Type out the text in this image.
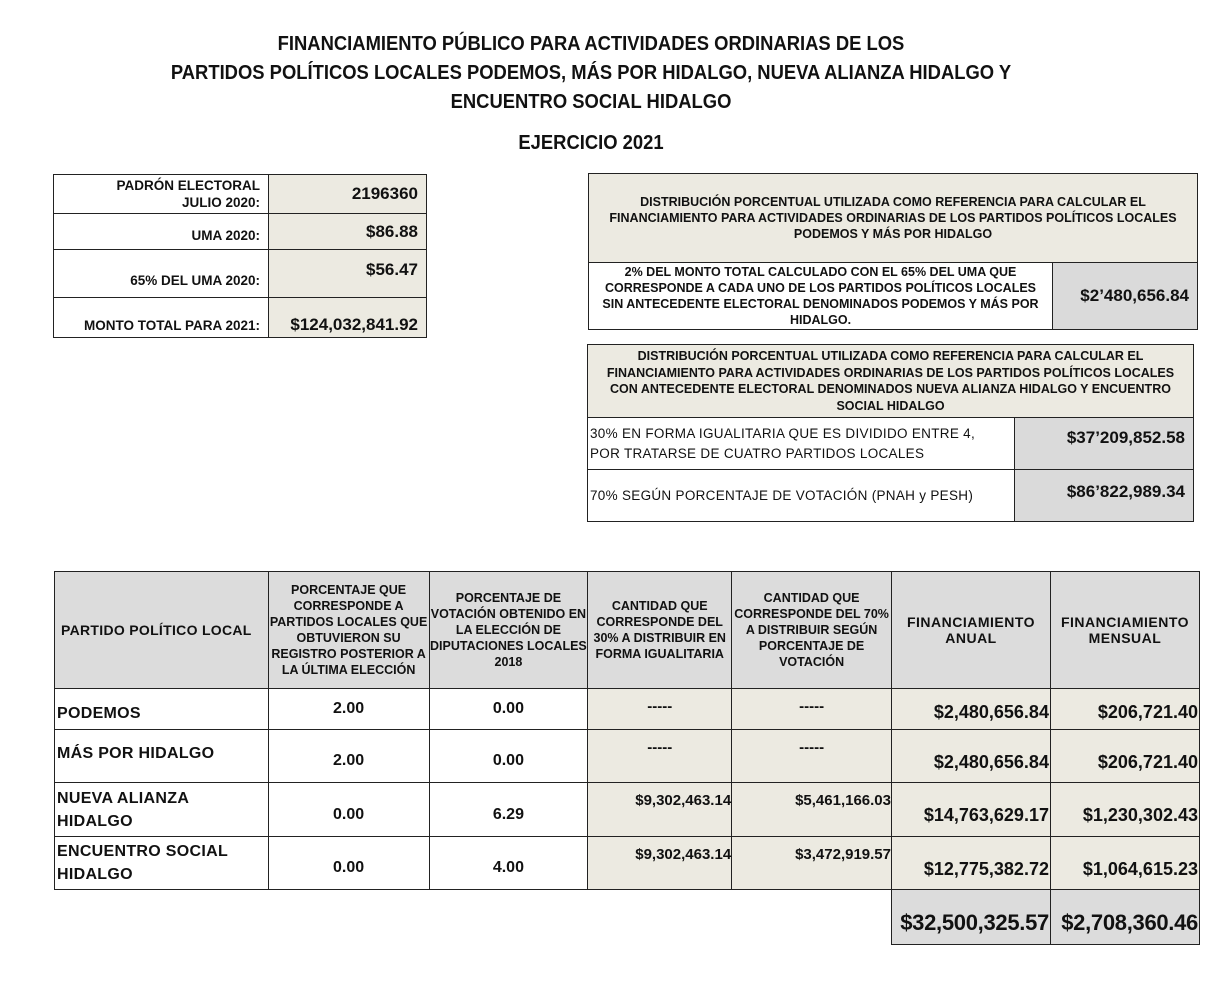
FINANCIAMIENTO PÚBLICO PARA ACTIVIDADES ORDINARIAS DE LOS
PARTIDOS POLÍTICOS LOCALES PODEMOS, MÁS POR HIDALGO, NUEVA ALIANZA HIDALGO Y
ENCUENTRO SOCIAL HIDALGO
EJERCICIO 2021
PADRÓN ELECTORAL
JULIO 2020:	2196360
UMA 2020:	$86.88
65% DEL UMA 2020:	$56.47
MONTO TOTAL PARA 2021:	$124,032,841.92
DISTRIBUCIÓN PORCENTUAL UTILIZADA COMO REFERENCIA PARA CALCULAR EL FINANCIAMIENTO PARA ACTIVIDADES ORDINARIAS DE LOS PARTIDOS POLÍTICOS LOCALES PODEMOS Y MÁS POR HIDALGO
2% DEL MONTO TOTAL CALCULADO CON EL 65% DEL UMA QUE CORRESPONDE A CADA UNO DE LOS PARTIDOS POLÍTICOS LOCALES SIN ANTECEDENTE ELECTORAL DENOMINADOS PODEMOS Y MÁS POR HIDALGO.	$2’480,656.84
DISTRIBUCIÓN PORCENTUAL UTILIZADA COMO REFERENCIA PARA CALCULAR EL FINANCIAMIENTO PARA ACTIVIDADES ORDINARIAS DE LOS PARTIDOS POLÍTICOS LOCALES CON ANTECEDENTE ELECTORAL DENOMINADOS NUEVA ALIANZA HIDALGO Y ENCUENTRO SOCIAL HIDALGO	
30% EN FORMA IGUALITARIA QUE ES DIVIDIDO ENTRE 4,
POR TRATARSE DE CUATRO PARTIDOS LOCALES	$37’209,852.58
70% SEGÚN PORCENTAJE DE VOTACIÓN (PNAH y PESH)	$86’822,989.34
PARTIDO POLÍTICO LOCAL	PORCENTAJE QUE CORRESPONDE A PARTIDOS LOCALES QUE OBTUVIERON SU REGISTRO POSTERIOR A LA ÚLTIMA ELECCIÓN	PORCENTAJE DE VOTACIÓN OBTENIDO EN LA ELECCIÓN DE DIPUTACIONES LOCALES 2018	CANTIDAD QUE CORRESPONDE DEL 30% A DISTRIBUIR EN FORMA IGUALITARIA	CANTIDAD QUE CORRESPONDE DEL 70% A DISTRIBUIR SEGÚN PORCENTAJE DE VOTACIÓN	FINANCIAMIENTO ANUAL	FINANCIAMIENTO MENSUAL
PODEMOS	2.00	0.00	-----	-----	$2,480,656.84	$206,721.40
MÁS POR HIDALGO	2.00	0.00	-----	-----	$2,480,656.84	$206,721.40
NUEVA ALIANZA
HIDALGO	0.00	6.29	$9,302,463.14	$5,461,166.03	$14,763,629.17	$1,230,302.43
ENCUENTRO SOCIAL
HIDALGO	0.00	4.00	$9,302,463.14	$3,472,919.57	$12,775,382.72	$1,064,615.23
					$32,500,325.57	$2,708,360.46
